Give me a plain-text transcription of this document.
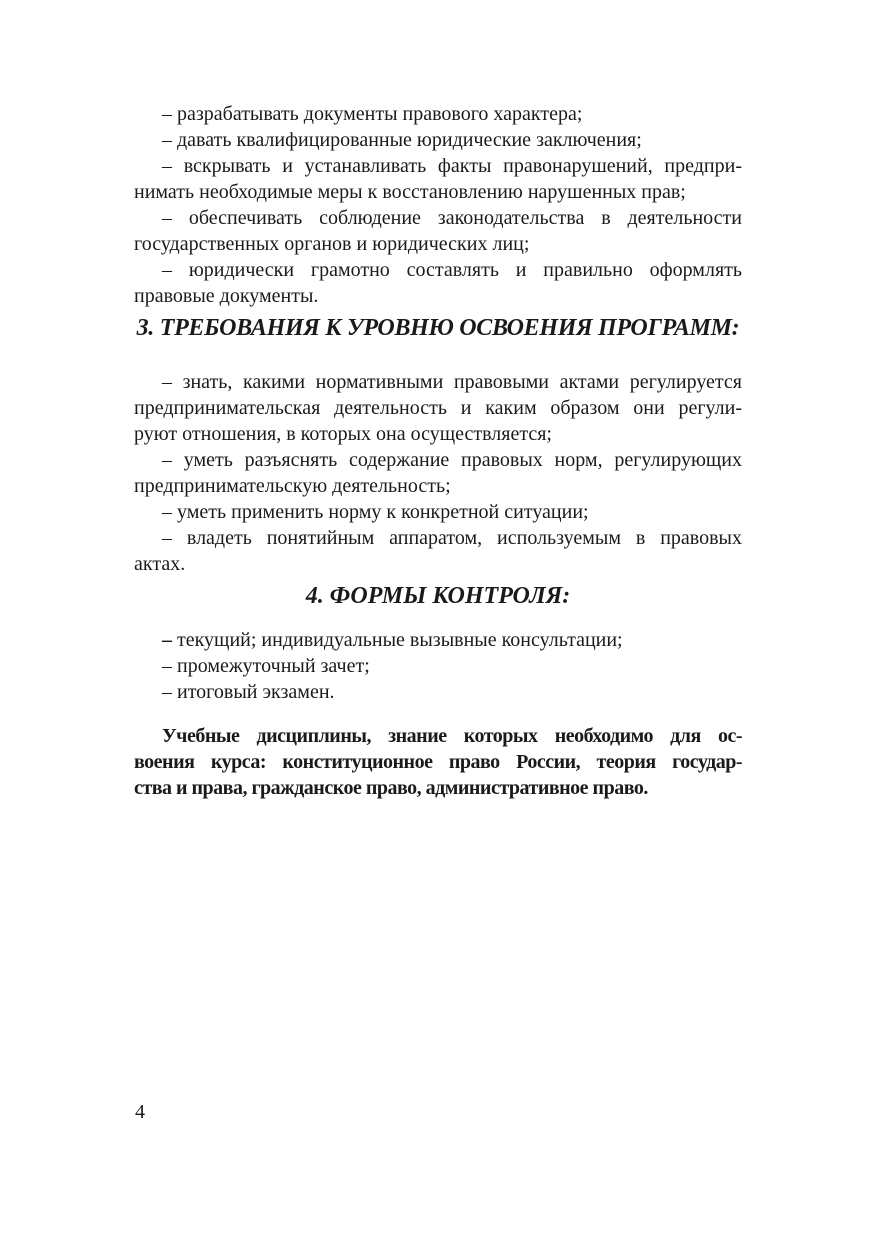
– разрабатывать документы правового характера;
– давать квалифицированные юридические заключения;
– вскрывать и устанавливать факты правонарушений, предпри-
нимать необходимые меры к восстановлению нарушенных прав;
– обеспечивать соблюдение законодательства в деятельности
государственных органов и юридических лиц;
– юридически грамотно составлять и правильно оформлять
правовые документы.
3. ТРЕБОВАНИЯ К УРОВНЮ ОСВОЕНИЯ ПРОГРАММ:
– знать, какими нормативными правовыми актами регулируется
предпринимательская деятельность и каким образом они регули-
руют отношения, в которых она осуществляется;
– уметь разъяснять содержание правовых норм, регулирующих
предпринимательскую деятельность;
– уметь применить норму к конкретной ситуации;
– владеть понятийным аппаратом, используемым в правовых
актах.
4. ФОРМЫ КОНТРОЛЯ:
– текущий; индивидуальные вызывные консультации;
– промежуточный зачет;
– итоговый экзамен.
Учебные дисциплины, знание которых необходимо для ос-
воения курса: конституционное право России, теория государ-
ства и права, гражданское право, административное право.
4
